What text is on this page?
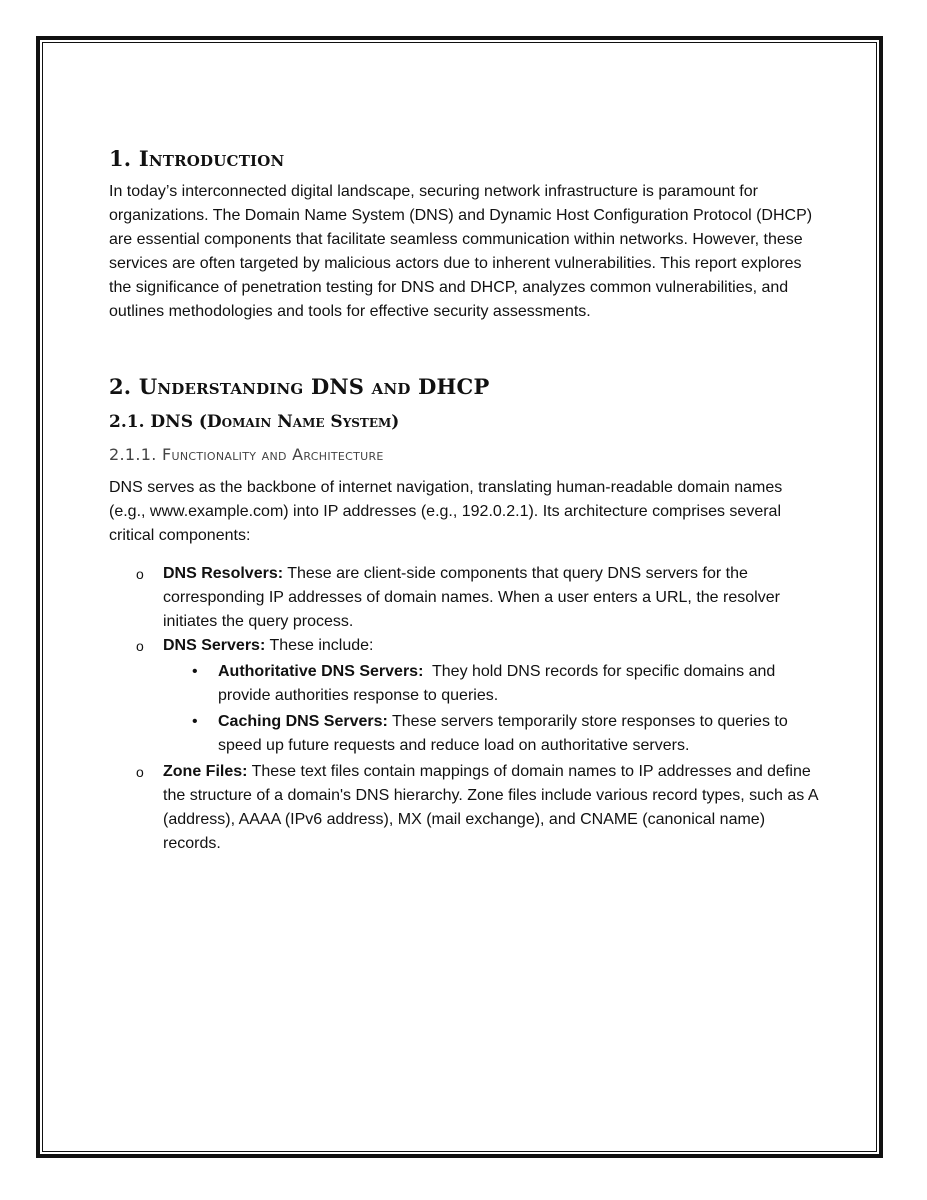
1. Introduction

In today’s interconnected digital landscape, securing network infrastructure is paramount for organizations. The Domain Name System (DNS) and Dynamic Host Configuration Protocol (DHCP) are essential components that facilitate seamless communication within networks. However, these services are often targeted by malicious actors due to inherent vulnerabilities. This report explores the significance of penetration testing for DNS and DHCP, analyzes common vulnerabilities, and outlines methodologies and tools for effective security assessments.

2. Understanding DNS and DHCP
2.1. DNS (Domain Name System)
2.1.1. Functionality and Architecture

DNS serves as the backbone of internet navigation, translating human-readable domain names (e.g., www.example.com) into IP addresses (e.g., 192.0.2.1). Its architecture comprises several critical components:

o DNS Resolvers: These are client-side components that query DNS servers for the corresponding IP addresses of domain names. When a user enters a URL, the resolver initiates the query process.
o DNS Servers: These include:
• Authoritative DNS Servers:  They hold DNS records for specific domains and provide authorities response to queries.
• Caching DNS Servers: These servers temporarily store responses to queries to speed up future requests and reduce load on authoritative servers.
o Zone Files: These text files contain mappings of domain names to IP addresses and define the structure of a domain's DNS hierarchy. Zone files include various record types, such as A (address), AAAA (IPv6 address), MX (mail exchange), and CNAME (canonical name) records.
